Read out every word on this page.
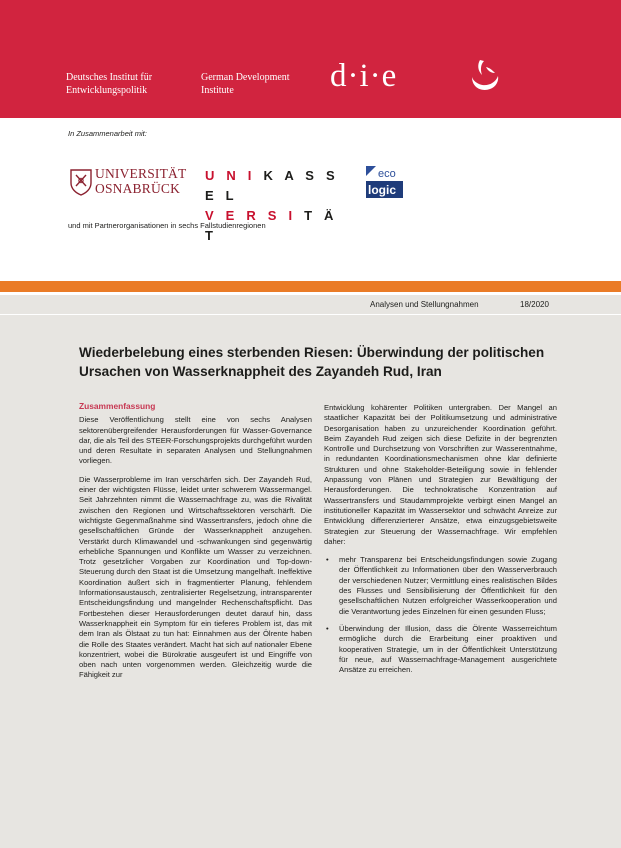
Deutsches Institut für
Entwicklungspolitik
German Development
Institute	d·i·e
In Zusammenarbeit mit:
UNIVERSITÄT
OSNABRÜCK
U N I K A S S E L
V E R S I T Ä T
eco
logic
und mit Partnerorganisationen in sechs Fallstudienregionen
Analysen und Stellungnahmen	18/2020
Wiederbelebung eines sterbenden Riesen: Überwindung der politischen Ursachen von Wasserknappheit des Zayandeh Rud, Iran
Zusammenfassung

Diese Veröffentlichung stellt eine von sechs Analysen sektorenübergreifender Herausforderungen für Wasser-Governance dar, die als Teil des STEER-Forschungsprojekts durchgeführt wurden und deren Resultate in separaten Analysen und Stellungnahmen vorliegen.

Die Wasserprobleme im Iran verschärfen sich. Der Zayandeh Rud, einer der wichtigsten Flüsse, leidet unter schwerem Wassermangel. Seit Jahrzehnten nimmt die Wassernachfrage zu, was die Rivalität zwischen den Regionen und Wirtschaftssektoren verschärft. Die wichtigste Gegenmaßnahme sind Wassertransfers, jedoch ohne die gesellschaftlichen Gründe der Wasserknappheit anzugehen. Verstärkt durch Klimawandel und -schwankungen sind gegenwärtig erhebliche Spannungen und Konflikte um Wasser zu verzeichnen. Trotz gesetzlicher Vorgaben zur Koordination und Top-down-Steuerung durch den Staat ist die Umsetzung mangelhaft. Ineffektive Koordination äußert sich in fragmentierter Planung, fehlendem Informationsaustausch, zentralisierter Regelsetzung, intransparenter Entscheidungsfindung und mangelnder Rechenschaftspflicht. Das Fortbestehen dieser Herausforderungen deutet darauf hin, dass Wasserknappheit ein Symptom für ein tieferes Problem ist, das mit dem Iran als Ölstaat zu tun hat: Einnahmen aus der Ölrente haben die Rolle des Staates verändert. Macht hat sich auf nationaler Ebene konzentriert, wobei die Bürokratie ausgeufert ist und Eingriffe von oben nach unten vorgenommen werden. Gleichzeitig wurde die Fähigkeit zur

Entwicklung kohärenter Politiken untergraben. Der Mangel an staatlicher Kapazität bei der Politikumsetzung und administrative Desorganisation haben zu unzureichender Koordination geführt. Beim Zayandeh Rud zeigen sich diese Defizite in der begrenzten Kontrolle und Durchsetzung von Vorschriften zur Wasserentnahme, in redundanten Koordinationsmechanismen ohne klar definierte Strukturen und ohne Stakeholder-Beteiligung sowie in fehlender Anpassung von Plänen und Strategien zur Bewältigung der Herausforderungen. Die technokratische Konzentration auf Wassertransfers und Staudammprojekte verbirgt einen Mangel an institutioneller Kapazität im Wassersektor und schwächt Anreize zur Entwicklung differenzierterer Ansätze, etwa einzugsgebietsweite Strategien zur Steuerung der Wassernachfrage. Wir empfehlen daher:

• mehr Transparenz bei Entscheidungsfindungen sowie Zugang der Öffentlichkeit zu Informationen über den Wasserverbrauch der verschiedenen Nutzer; Vermittlung eines realistischen Bildes des Flusses und Sensibilisierung der Öffentlichkeit für den gesellschaftlichen Nutzen erfolgreicher Wasserkooperation und die Verantwortung jedes Einzelnen für einen gesunden Fluss;
• Überwindung der Illusion, dass die Ölrente Wasserreichtum ermögliche durch die Erarbeitung einer proaktiven und kooperativen Strategie, um in der Öffentlichkeit Unterstützung für neue, auf Wassernachfrage-Management ausgerichtete Ansätze zu erreichen.
